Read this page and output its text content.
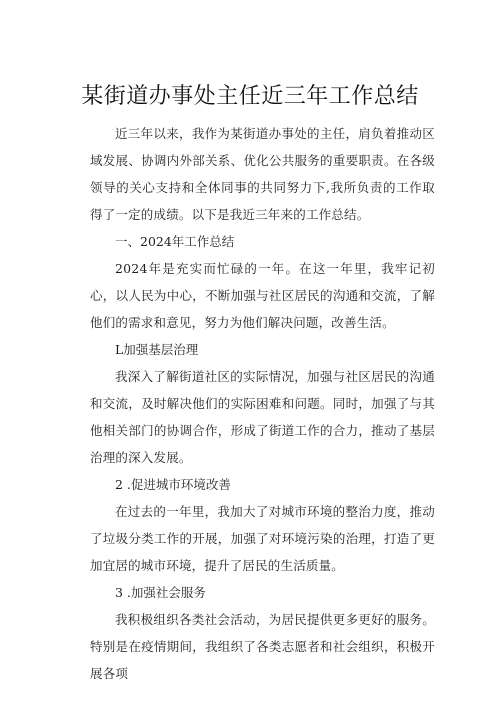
某街道办事处主任近三年工作总结

近三年以来，我作为某街道办事处的主任，肩负着推动区域发展、协调内外部关系、优化公共服务的重要职责。在各级领导的关心支持和全体同事的共同努力下,我所负责的工作取得了一定的成绩。以下是我近三年来的工作总结。

一、2024年工作总结

2024年是充实而忙碌的一年。在这一年里，我牢记初心，以人民为中心，不断加强与社区居民的沟通和交流，了解他们的需求和意见，努力为他们解决问题，改善生活。

L加强基层治理

我深入了解街道社区的实际情况，加强与社区居民的沟通和交流，及时解决他们的实际困难和问题。同时，加强了与其他相关部门的协调合作，形成了街道工作的合力，推动了基层治理的深入发展。

2 .促进城市环境改善

在过去的一年里，我加大了对城市环境的整治力度，推动了垃圾分类工作的开展，加强了对环境污染的治理，打造了更加宜居的城市环境，提升了居民的生活质量。

3 .加强社会服务

我积极组织各类社会活动，为居民提供更多更好的服务。特别是在疫情期间，我组织了各类志愿者和社会组织，积极开展各项
